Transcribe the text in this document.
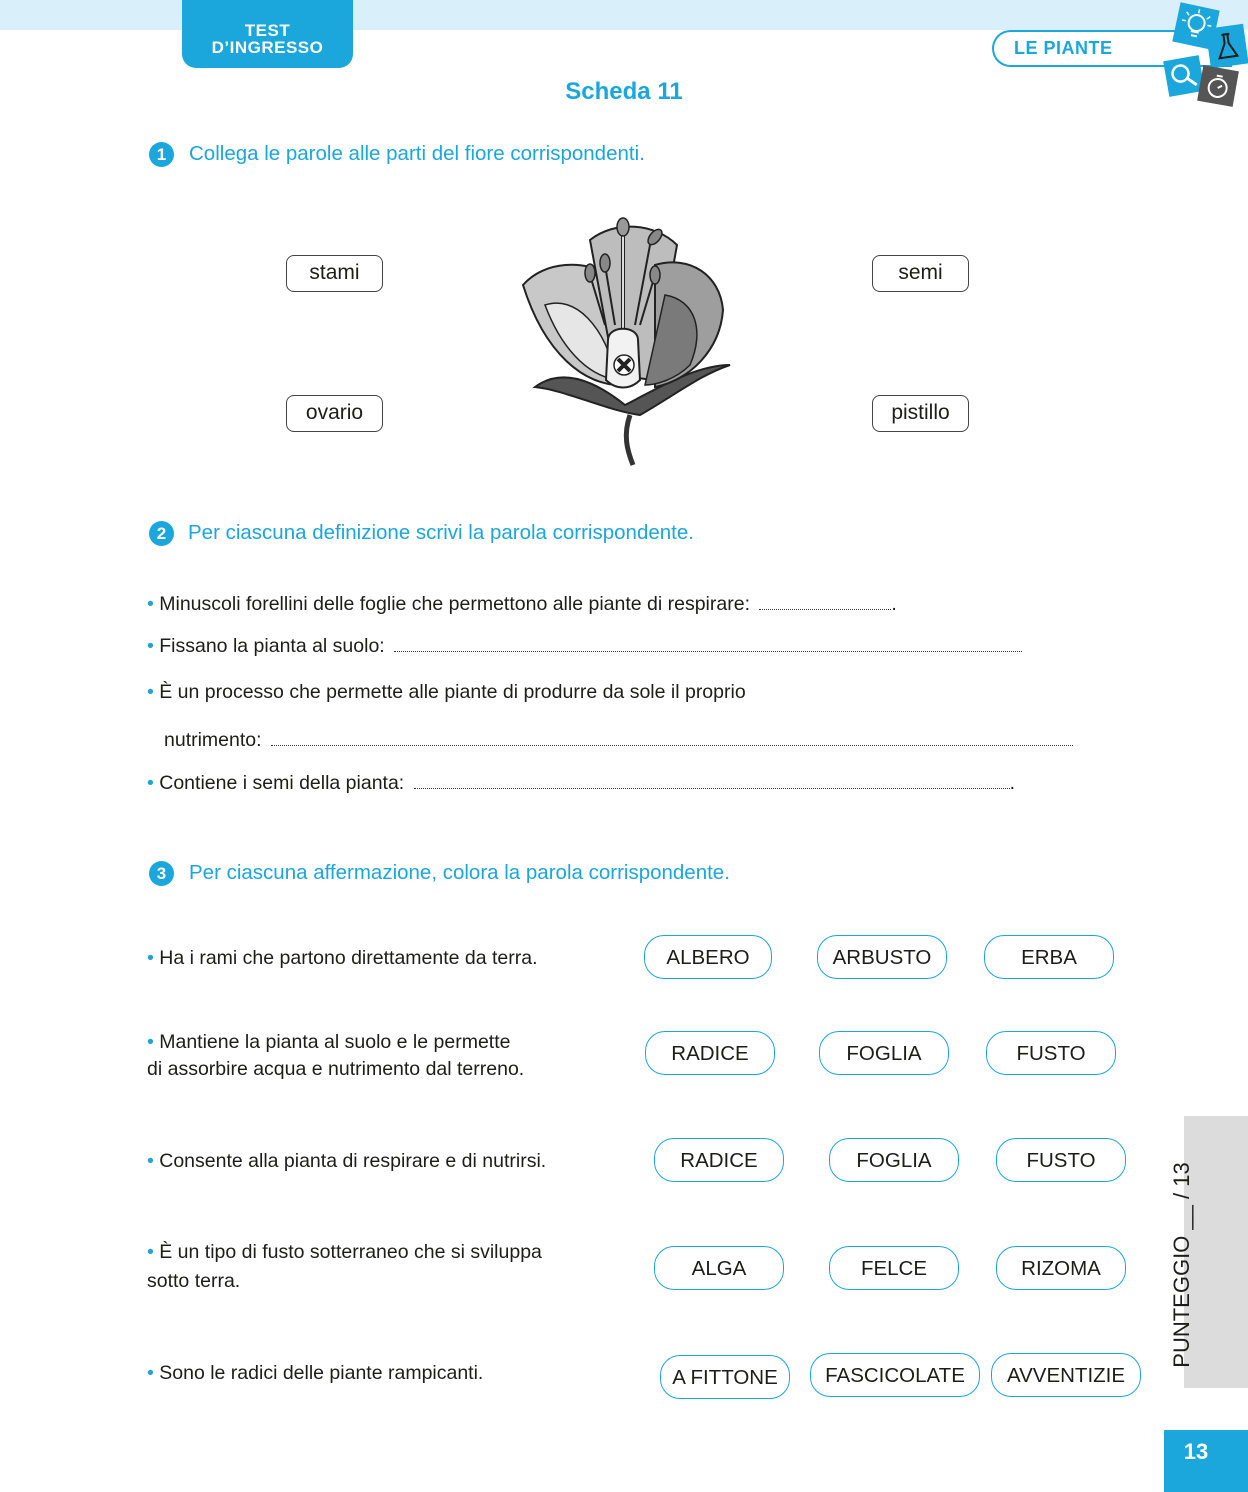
TEST
D’INGRESSO	LE PIANTE
Scheda 11
1	Collega le parole alle parti del fiore corrispondenti.
stami
ovario
semi
pistillo
2	Per ciascuna definizione scrivi la parola corrispondente.
• Minuscoli forellini delle foglie che permettono alle piante di respirare:	.
• Fissano la pianta al suolo:
• È un processo che permette alle piante di produrre da sole il proprio
nutrimento:
• Contiene i semi della pianta:	.
3	Per ciascuna affermazione, colora la parola corrispondente.
• Ha i rami che partono direttamente da terra.	ALBERO	ARBUSTO	ERBA
• Mantiene la pianta al suolo e le permette
di assorbire acqua e nutrimento dal terreno.
RADICE	FOGLIA	FUSTO
• Consente alla pianta di respirare e di nutrirsi.	RADICE	FOGLIA	FUSTO
• È un tipo di fusto sotterraneo che si sviluppa
sotto terra.
ALGA	FELCE	RIZOMA
• Sono le radici delle piante rampicanti.	A FITTONE	FASCICOLATE	AVVENTIZIE
PUNTEGGIO __ / 13
13
